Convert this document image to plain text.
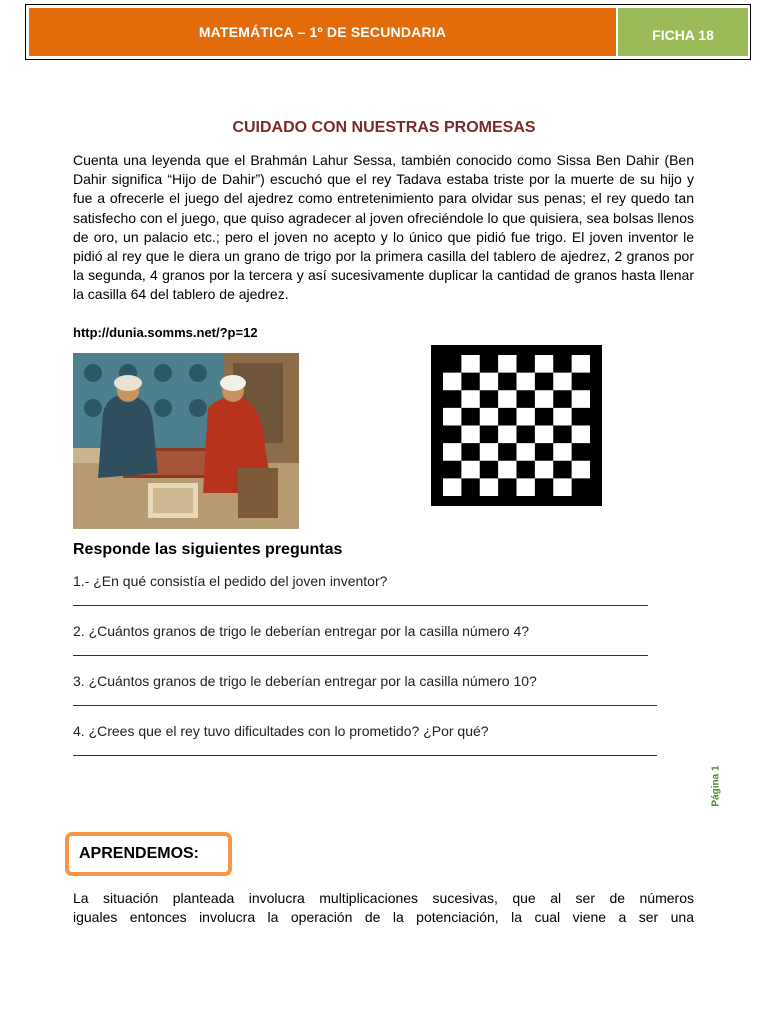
MATEMÁTICA – 1º DE SECUNDARIA	FICHA 18
CUIDADO CON NUESTRAS PROMESAS
Cuenta una leyenda que el Brahmán Lahur Sessa, también conocido como Sissa Ben Dahir (Ben Dahir significa “Hijo de Dahir”) escuchó que el rey Tadava estaba triste por la muerte de su hijo y fue a ofrecerle el juego del ajedrez como entretenimiento para olvidar sus penas; el rey quedo tan satisfecho con el juego, que quiso agradecer al joven ofreciéndole lo que quisiera, sea bolsas llenos de oro, un palacio etc.; pero el joven no acepto y lo único que pidió fue trigo. El joven inventor le pidió al rey que le diera un grano de trigo por la primera casilla del tablero de ajedrez, 2 granos por la segunda, 4 granos por la tercera y así sucesivamente duplicar la cantidad de granos hasta llenar la casilla 64 del tablero de ajedrez.
http://dunia.somms.net/?p=12
Responde las siguientes preguntas
1.- ¿En qué consistía el pedido del joven inventor?
2. ¿Cuántos granos de trigo le deberían entregar por la casilla número 4?
3. ¿Cuántos granos de trigo le deberían entregar por la casilla número 10?
4. ¿Crees que el rey tuvo dificultades con lo prometido? ¿Por qué?
Página 1
APRENDEMOS:
La situación planteada involucra multiplicaciones sucesivas, que al ser de números
iguales entonces involucra la operación de la potenciación, la cual viene a ser una
